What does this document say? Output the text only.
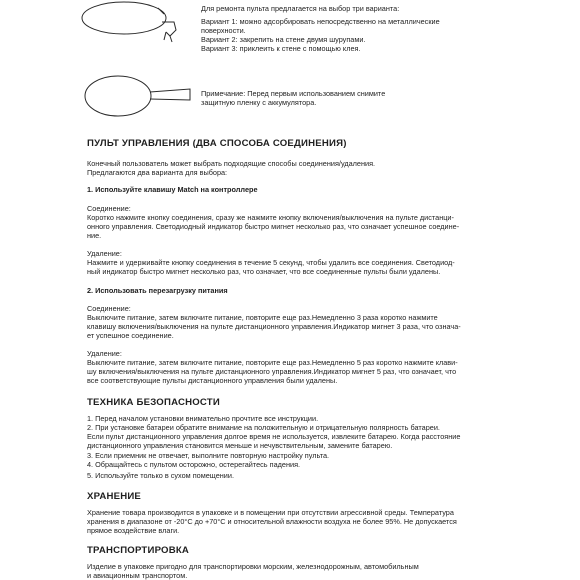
Для ремонта пульта предлагается на выбор три варианта:
Вариант 1: можно адсорбировать непосредственно на металлические
поверхности.
Вариант 2: закрепить на стене двумя шурупами.
Вариант 3: приклеить к стене с помощью клея.
Примечание: Перед первым использованием снимите
защитную пленку с аккумулятора.
ПУЛЬТ УПРАВЛЕНИЯ (ДВА СПОСОБА СОЕДИНЕНИЯ)
Конечный пользователь может выбрать подходящие способы соединения/удаления.
Предлагаются два варианта для выбора:
1. Используйте клавишу Match на контроллере
Соединение:
Коротко нажмите кнопку соединения, сразу же нажмите кнопку включения/выключения на пульте дистанци-
онного управления. Светодиодный индикатор быстро мигнет несколько раз, что означает успешное соедине-
ние.
Удаление:
Нажмите и удерживайте кнопку соединения в течение 5 секунд, чтобы удалить все соединения. Светодиод-
ный индикатор быстро мигнет несколько раз, что означает, что все соединенные пульты были удалены.
2. Использовать перезагрузку питания
Соединение:
Выключите питание, затем включите питание, повторите еще раз.Немедленно 3 раза коротко нажмите
клавишу включения/выключения на пульте дистанционного управления.Индикатор мигнет 3 раза, что означа-
ет успешное соединение.
Удаление:
Выключите питание, затем включите питание, повторите еще раз.Немедленно 5 раз коротко нажмите клави-
шу включения/выключения на пульте дистанционного управления.Индикатор мигнет 5 раз, что означает, что
все соответствующие пульты дистанционного управления были удалены.
ТЕХНИКА БЕЗОПАСНОСТИ
1. Перед началом установки внимательно прочтите все инструкции.
2. При установке батареи обратите внимание на положительную и отрицательную полярность батареи.
Если пульт дистанционного управления долгое время не используется, извлеките батарею. Когда расстояние
дистанционного управления становится меньше и нечувствительным, замените батарею.
3. Если приемник не отвечает, выполните повторную настройку пульта.
4. Обращайтесь с пультом осторожно, остерегайтесь падения.
5. Используйте только в сухом помещении.
ХРАНЕНИЕ
Хранение товара производится в упаковке и в помещении при отсутствии агрессивной среды. Температура
хранения в диапазоне от -20°C до +70°C и относительной влажности воздуха не более 95%. Не допускается
прямое воздействие влаги.
ТРАНСПОРТИРОВКА
Изделие в упаковке пригодно для транспортировки морским, железнодорожным, автомобильным
и авиационным транспортом.
